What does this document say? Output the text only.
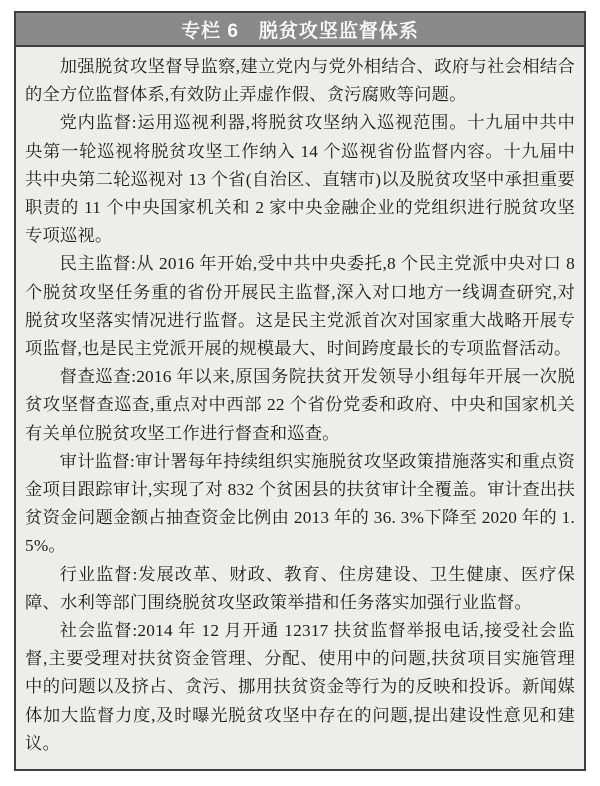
专栏 6　脱贫攻坚监督体系

加强脱贫攻坚督导监察,建立党内与党外相结合、政府与社会相结合的全方位监督体系,有效防止弄虚作假、贪污腐败等问题。

党内监督:运用巡视利器,将脱贫攻坚纳入巡视范围。十九届中共中央第一轮巡视将脱贫攻坚工作纳入 14 个巡视省份监督内容。十九届中共中央第二轮巡视对 13 个省(自治区、直辖市)以及脱贫攻坚中承担重要职责的 11 个中央国家机关和 2 家中央金融企业的党组织进行脱贫攻坚专项巡视。

民主监督:从 2016 年开始,受中共中央委托,8 个民主党派中央对口 8 个脱贫攻坚任务重的省份开展民主监督,深入对口地方一线调查研究,对脱贫攻坚落实情况进行监督。这是民主党派首次对国家重大战略开展专项监督,也是民主党派开展的规模最大、时间跨度最长的专项监督活动。

督查巡查:2016 年以来,原国务院扶贫开发领导小组每年开展一次脱贫攻坚督查巡查,重点对中西部 22 个省份党委和政府、中央和国家机关有关单位脱贫攻坚工作进行督查和巡查。

审计监督:审计署每年持续组织实施脱贫攻坚政策措施落实和重点资金项目跟踪审计,实现了对 832 个贫困县的扶贫审计全覆盖。审计查出扶贫资金问题金额占抽查资金比例由 2013 年的 36. 3%下降至 2020 年的 1. 5%。

行业监督:发展改革、财政、教育、住房建设、卫生健康、医疗保障、水利等部门围绕脱贫攻坚政策举措和任务落实加强行业监督。

社会监督:2014 年 12 月开通 12317 扶贫监督举报电话,接受社会监督,主要受理对扶贫资金管理、分配、使用中的问题,扶贫项目实施管理中的问题以及挤占、贪污、挪用扶贫资金等行为的反映和投诉。新闻媒体加大监督力度,及时曝光脱贫攻坚中存在的问题,提出建设性意见和建议。
